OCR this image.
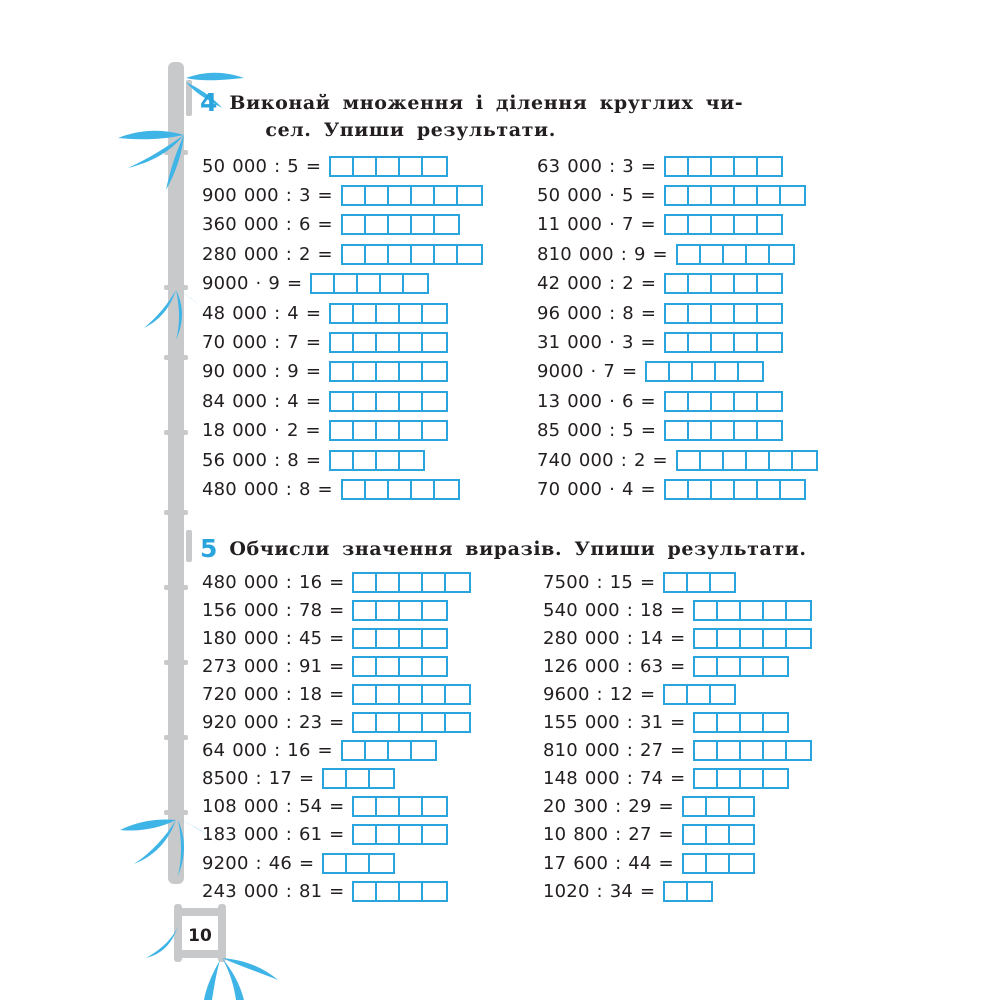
4 Виконай множення і ділення круглих чи-
сел. Упиши результати.
50 000 : 5 =
900 000 : 3 =
360 000 : 6 =
280 000 : 2 =
9000 · 9 =
48 000 : 4 =
70 000 : 7 =
90 000 : 9 =
84 000 : 4 =
18 000 · 2 =
56 000 : 8 =
480 000 : 8 =
63 000 : 3 =
50 000 · 5 =
11 000 · 7 =
810 000 : 9 =
42 000 : 2 =
96 000 : 8 =
31 000 · 3 =
9000 · 7 =
13 000 · 6 =
85 000 : 5 =
740 000 : 2 =
70 000 · 4 =
5 Обчисли значення виразів. Упиши результати.
480 000 : 16 =
156 000 : 78 =
180 000 : 45 =
273 000 : 91 =
720 000 : 18 =
920 000 : 23 =
64 000 : 16 =
8500 : 17 =
108 000 : 54 =
183 000 : 61 =
9200 : 46 =
243 000 : 81 =
7500 : 15 =
540 000 : 18 =
280 000 : 14 =
126 000 : 63 =
9600 : 12 =
155 000 : 31 =
810 000 : 27 =
148 000 : 74 =
20 300 : 29 =
10 800 : 27 =
17 600 : 44 =
1020 : 34 =
10
